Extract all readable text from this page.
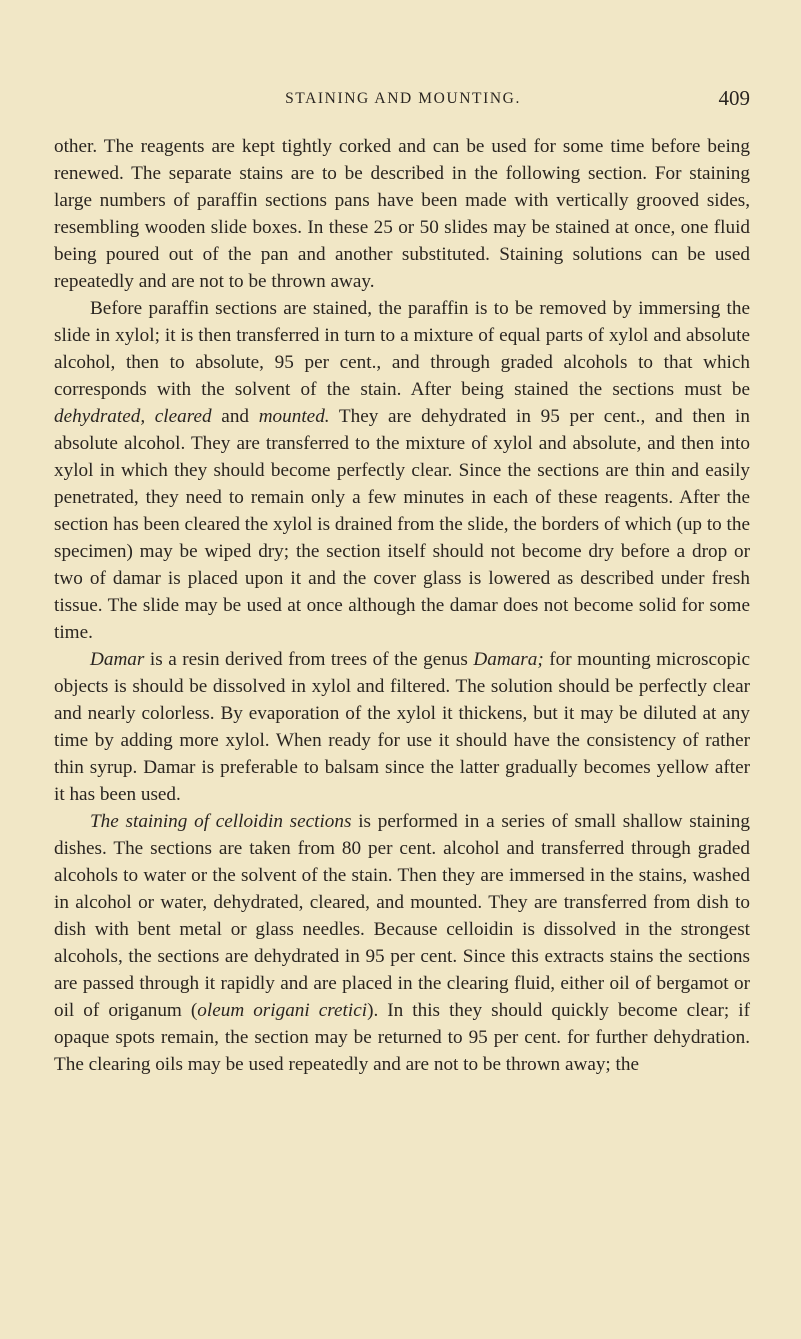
STAINING AND MOUNTING.	409

other. The reagents are kept tightly corked and can be used for some time before being renewed. The separate stains are to be described in the following section. For staining large numbers of paraffin sections pans have been made with vertically grooved sides, resembling wooden slide boxes. In these 25 or 50 slides may be stained at once, one fluid being poured out of the pan and another substituted. Staining solutions can be used repeatedly and are not to be thrown away.

Before paraffin sections are stained, the paraffin is to be removed by immersing the slide in xylol; it is then transferred in turn to a mixture of equal parts of xylol and absolute alcohol, then to absolute, 95 per cent., and through graded alcohols to that which corresponds with the solvent of the stain. After being stained the sections must be dehydrated, cleared and mounted. They are dehydrated in 95 per cent., and then in absolute alcohol. They are transferred to the mixture of xylol and absolute, and then into xylol in which they should become perfectly clear. Since the sections are thin and easily penetrated, they need to remain only a few minutes in each of these reagents. After the section has been cleared the xylol is drained from the slide, the borders of which (up to the specimen) may be wiped dry; the section itself should not become dry before a drop or two of damar is placed upon it and the cover glass is lowered as described under fresh tissue. The slide may be used at once although the damar does not become solid for some time.

Damar is a resin derived from trees of the genus Damara; for mounting microscopic objects is should be dissolved in xylol and filtered. The solution should be perfectly clear and nearly colorless. By evaporation of the xylol it thickens, but it may be diluted at any time by adding more xylol. When ready for use it should have the consistency of rather thin syrup. Damar is preferable to balsam since the latter gradually becomes yellow after it has been used.

The staining of celloidin sections is performed in a series of small shallow staining dishes. The sections are taken from 80 per cent. alcohol and transferred through graded alcohols to water or the solvent of the stain. Then they are immersed in the stains, washed in alcohol or water, dehydrated, cleared, and mounted. They are transferred from dish to dish with bent metal or glass needles. Because celloidin is dissolved in the strongest alcohols, the sections are dehydrated in 95 per cent. Since this extracts stains the sections are passed through it rapidly and are placed in the clearing fluid, either oil of bergamot or oil of origanum (oleum origani cretici). In this they should quickly become clear; if opaque spots remain, the section may be returned to 95 per cent. for further dehydration. The clearing oils may be used repeatedly and are not to be thrown away; the
